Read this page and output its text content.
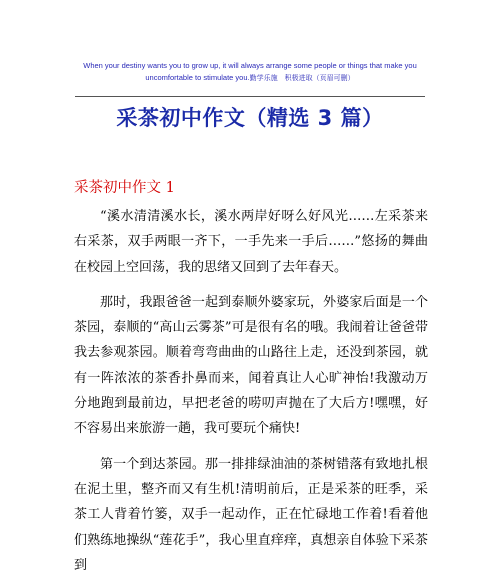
When your destiny wants you to grow up, it will always arrange some people or things that make you
uncomfortable to stimulate you.勤学乐施　积极进取（页眉可删）
采茶初中作文（精选 3 篇）
采茶初中作文 1

“溪水清清溪水长，溪水两岸好呀么好风光……左采茶来右采茶，双手两眼一齐下，一手先来一手后……”悠扬的舞曲在校园上空回荡，我的思绪又回到了去年春天。

那时，我跟爸爸一起到泰顺外婆家玩，外婆家后面是一个茶园，泰顺的“高山云雾茶”可是很有名的哦。我闹着让爸爸带我去参观茶园。顺着弯弯曲曲的山路往上走，还没到茶园，就有一阵浓浓的茶香扑鼻而来，闻着真让人心旷神怡!我激动万分地跑到最前边，早把老爸的唠叨声抛在了大后方!嘿嘿，好不容易出来旅游一趟，我可要玩个痛快!

第一个到达茶园。那一排排绿油油的茶树错落有致地扎根在泥土里，整齐而又有生机!清明前后，正是采茶的旺季，采茶工人背着竹篓，双手一起动作，正在忙碌地工作着!看着他们熟练地操纵“莲花手”，我心里直痒痒，真想亲自体验下采茶到
